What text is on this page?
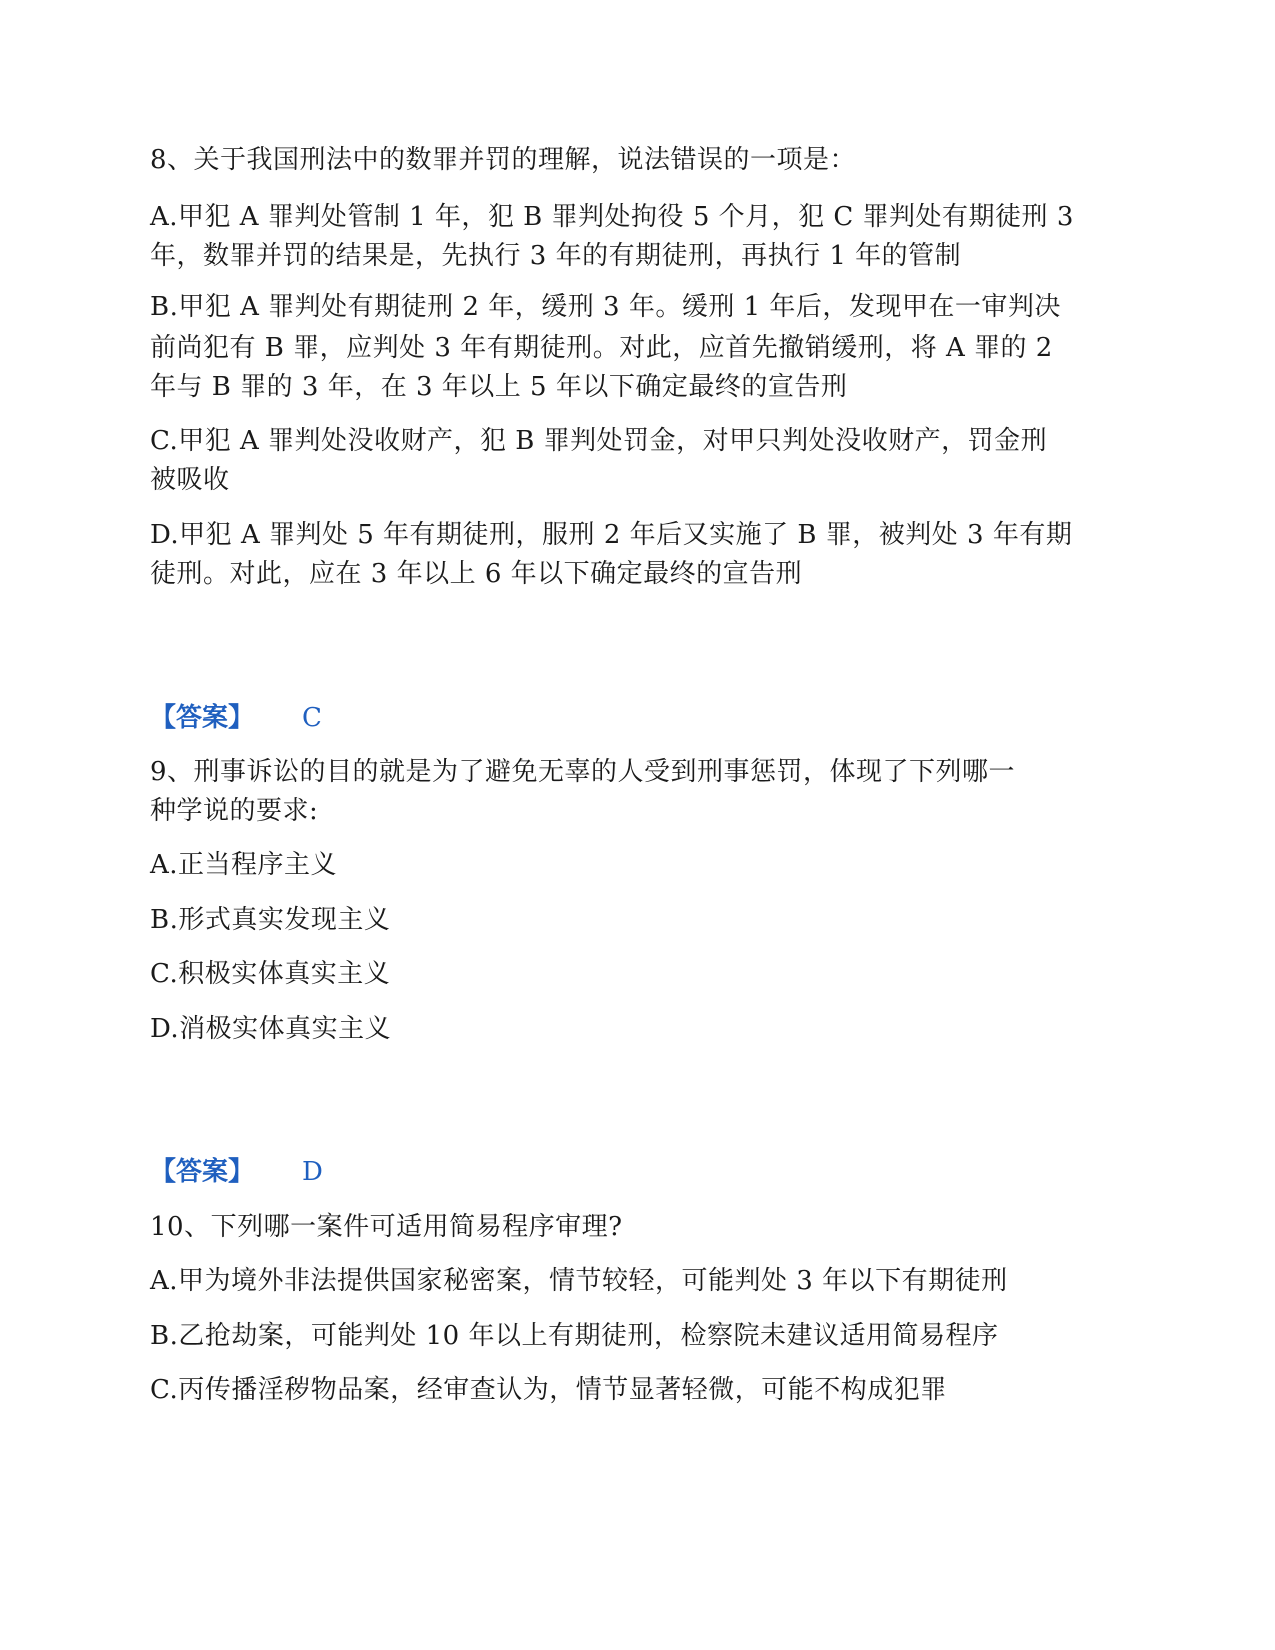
8、关于我国刑法中的数罪并罚的理解，说法错误的一项是：
A.甲犯 A 罪判处管制 1 年，犯 B 罪判处拘役 5 个月，犯 C 罪判处有期徒刑 3
年，数罪并罚的结果是，先执行 3 年的有期徒刑，再执行 1 年的管制
B.甲犯 A 罪判处有期徒刑 2 年，缓刑 3 年。缓刑 1 年后，发现甲在一审判决
前尚犯有 B 罪，应判处 3 年有期徒刑。对此，应首先撤销缓刑，将 A 罪的 2
年与 B 罪的 3 年，在 3 年以上 5 年以下确定最终的宣告刑
C.甲犯 A 罪判处没收财产，犯 B 罪判处罚金，对甲只判处没收财产，罚金刑
被吸收
D.甲犯 A 罪判处 5 年有期徒刑，服刑 2 年后又实施了 B 罪，被判处 3 年有期
徒刑。对此，应在 3 年以上 6 年以下确定最终的宣告刑
【答案】 C
9、刑事诉讼的目的就是为了避免无辜的人受到刑事惩罚，体现了下列哪一
种学说的要求:
A.正当程序主义
B.形式真实发现主义
C.积极实体真实主义
D.消极实体真实主义
【答案】 D
10、下列哪一案件可适用简易程序审理?
A.甲为境外非法提供国家秘密案，情节较轻，可能判处 3 年以下有期徒刑
B.乙抢劫案，可能判处 10 年以上有期徒刑，检察院未建议适用简易程序
C.丙传播淫秽物品案，经审查认为，情节显著轻微，可能不构成犯罪
